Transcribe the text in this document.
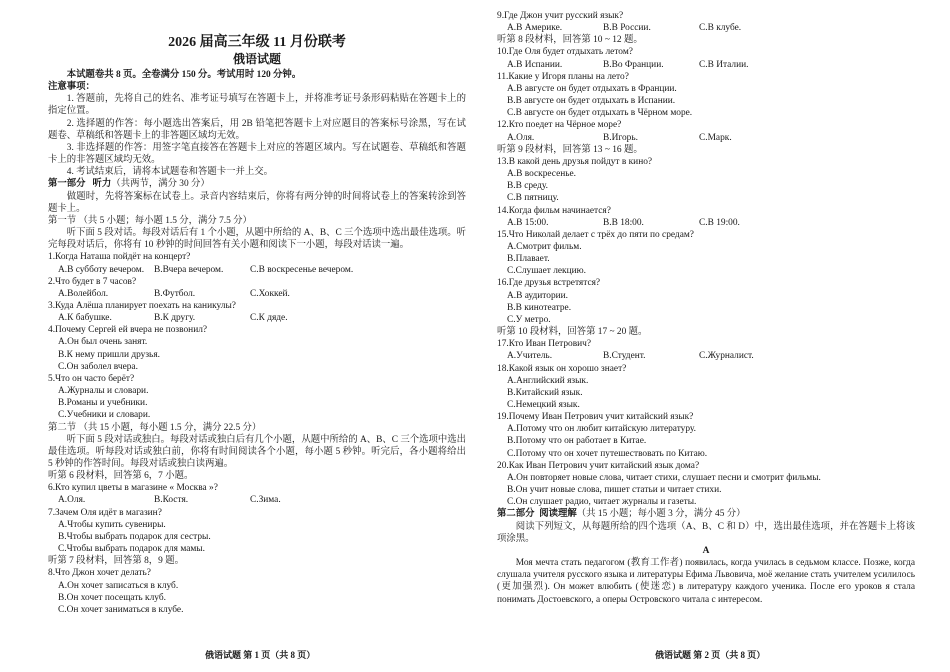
2026 届高三年级 11 月份联考
俄语试题
本试题卷共 8 页。全卷满分 150 分。考试用时 120 分钟。
注意事项：
1. 答题前，先将自己的姓名、准考证号填写在答题卡上，并将准考证号条形码粘贴在答题卡上的指定位置。
2. 选择题的作答：每小题选出答案后，用 2B 铅笔把答题卡上对应题目的答案标号涂黑，写在试题卷、草稿纸和答题卡上的非答题区域均无效。
3. 非选择题的作答：用签字笔直接答在答题卡上对应的答题区域内。写在试题卷、草稿纸和答题卡上的非答题区域均无效。
4. 考试结束后，请将本试题卷和答题卡一并上交。
第一部分 听力（共两节，满分 30 分）
做题时，先将答案标在试卷上。录音内容结束后，你将有两分钟的时间将试卷上的答案转涂到答题卡上。
第一节 （共 5 小题；每小题 1.5 分，满分 7.5 分）
听下面 5 段对话。每段对话后有 1 个小题，从题中所给的 A、B、C 三个选项中选出最佳选项。听完每段对话后，你将有 10 秒钟的时间回答有关小题和阅读下一小题，每段对话读一遍。
1.Когда Наташа пойдёт на концерт?
A.В субботу вечером.	B.Вчера вечером.	C.В воскресенье вечером.
2.Что будет в 7 часов?
A.Волейбол.	B.Футбол.	C.Хоккей.
3.Куда Алёша планирует поехать на каникулы?
A.К бабушке.	B.К другу.	C.К дяде.
4.Почему Сергей ей вчера не позвонил?
A.Он был очень занят.
B.К нему пришли друзья.
C.Он заболел вчера.
5.Что он часто берёт?
A.Журналы и словари.
B.Романы и учебники.
C.Учебники и словари.
第二节 （共 15 小题，每小题 1.5 分，满分 22.5 分）
听下面 5 段对话或独白。每段对话或独白后有几个小题，从题中所给的 A、B、C 三个选项中选出最佳选项。听每段对话或独白前，你将有时间阅读各个小题，每小题 5 秒钟。听完后，各小题将给出 5 秒钟的作答时间。每段对话或独白读两遍。
听第 6 段材料，回答第 6，7 小题。
6.Кто купил цветы в магазине « Москва »?
A.Оля.	B.Костя.	C.Зима.
7.Зачем Оля идёт в магазин?
A.Чтобы купить сувениры.
B.Чтобы выбрать подарок для сестры.
C.Чтобы выбрать подарок для мамы.
听第 7 段材料，回答第 8，9 题。
8.Что Джон хочет делать?
A.Он хочет записаться в клуб.
B.Он хочет посещать клуб.
C.Он хочет заниматься в клубе.
9.Где Джон учит русский язык?
A.В Америке.	B.В России.	C.В клубе.
听第 8 段材料，回答第 10 ~ 12 题。
10.Где Оля будет отдыхать летом?
A.В Испании.	B.Во Франции.	C.В Италии.
11.Какие у Игоря планы на лето?
A.В августе он будет отдыхать в Франции.
B.В августе он будет отдыхать в Испании.
C.В августе он будет отдыхать в Чёрном море.
12.Кто поедет на Чёрное море?
A.Оля.	B.Игорь.	C.Марк.
听第 9 段材料，回答第 13 ~ 16 题。
13.В какой день друзья пойдут в кино?
A.В воскресенье.
B.В среду.
C.В пятницу.
14.Когда фильм начинается?
A.В 15:00.	B.В 18:00.	C.В 19:00.
15.Что Николай делает с трёх до пяти по средам?
A.Смотрит фильм.
B.Плавает.
C.Слушает лекцию.
16.Где друзья встретятся?
A.В аудитории.
B.В кинотеатре.
C.У метро.
听第 10 段材料，回答第 17 ~ 20 题。
17.Кто Иван Петрович?
A.Учитель.	B.Студент.	C.Журналист.
18.Какой язык он хорошо знает?
A.Английский язык.
B.Китайский язык.
C.Немецкий язык.
19.Почему Иван Петрович учит китайский язык?
A.Потому что он любит китайскую литературу.
B.Потому что он работает в Китае.
C.Потому что он хочет путешествовать по Китаю.
20.Как Иван Петрович учит китайский язык дома?
A.Он повторяет новые слова, читает стихи, слушает песни и смотрит фильмы.
B.Он учит новые слова, пишет статьи и читает стихи.
C.Он слушает радио, читает журналы и газеты.
第二部分 阅读理解（共 15 小题；每小题 3 分，满分 45 分）
阅读下列短文，从每题所给的四个选项（A、B、C 和 D）中，选出最佳选项，并在答题卡上将该项涂黑。
A
Моя мечта стать педагогом (教育工作者) появилась, когда училась в седьмом классе. Позже, когда слушала учителя русского языка и литературы Ефима Львовича, моё желание стать учителем усилилось (更加强烈). Он может влюбить (使迷恋) в литературу каждого ученика. После его уроков я стала понимать Достоевского, а оперы Островского читала с интересом.
俄语试题 第 1 页（共 8 页）	俄语试题 第 2 页（共 8 页）
